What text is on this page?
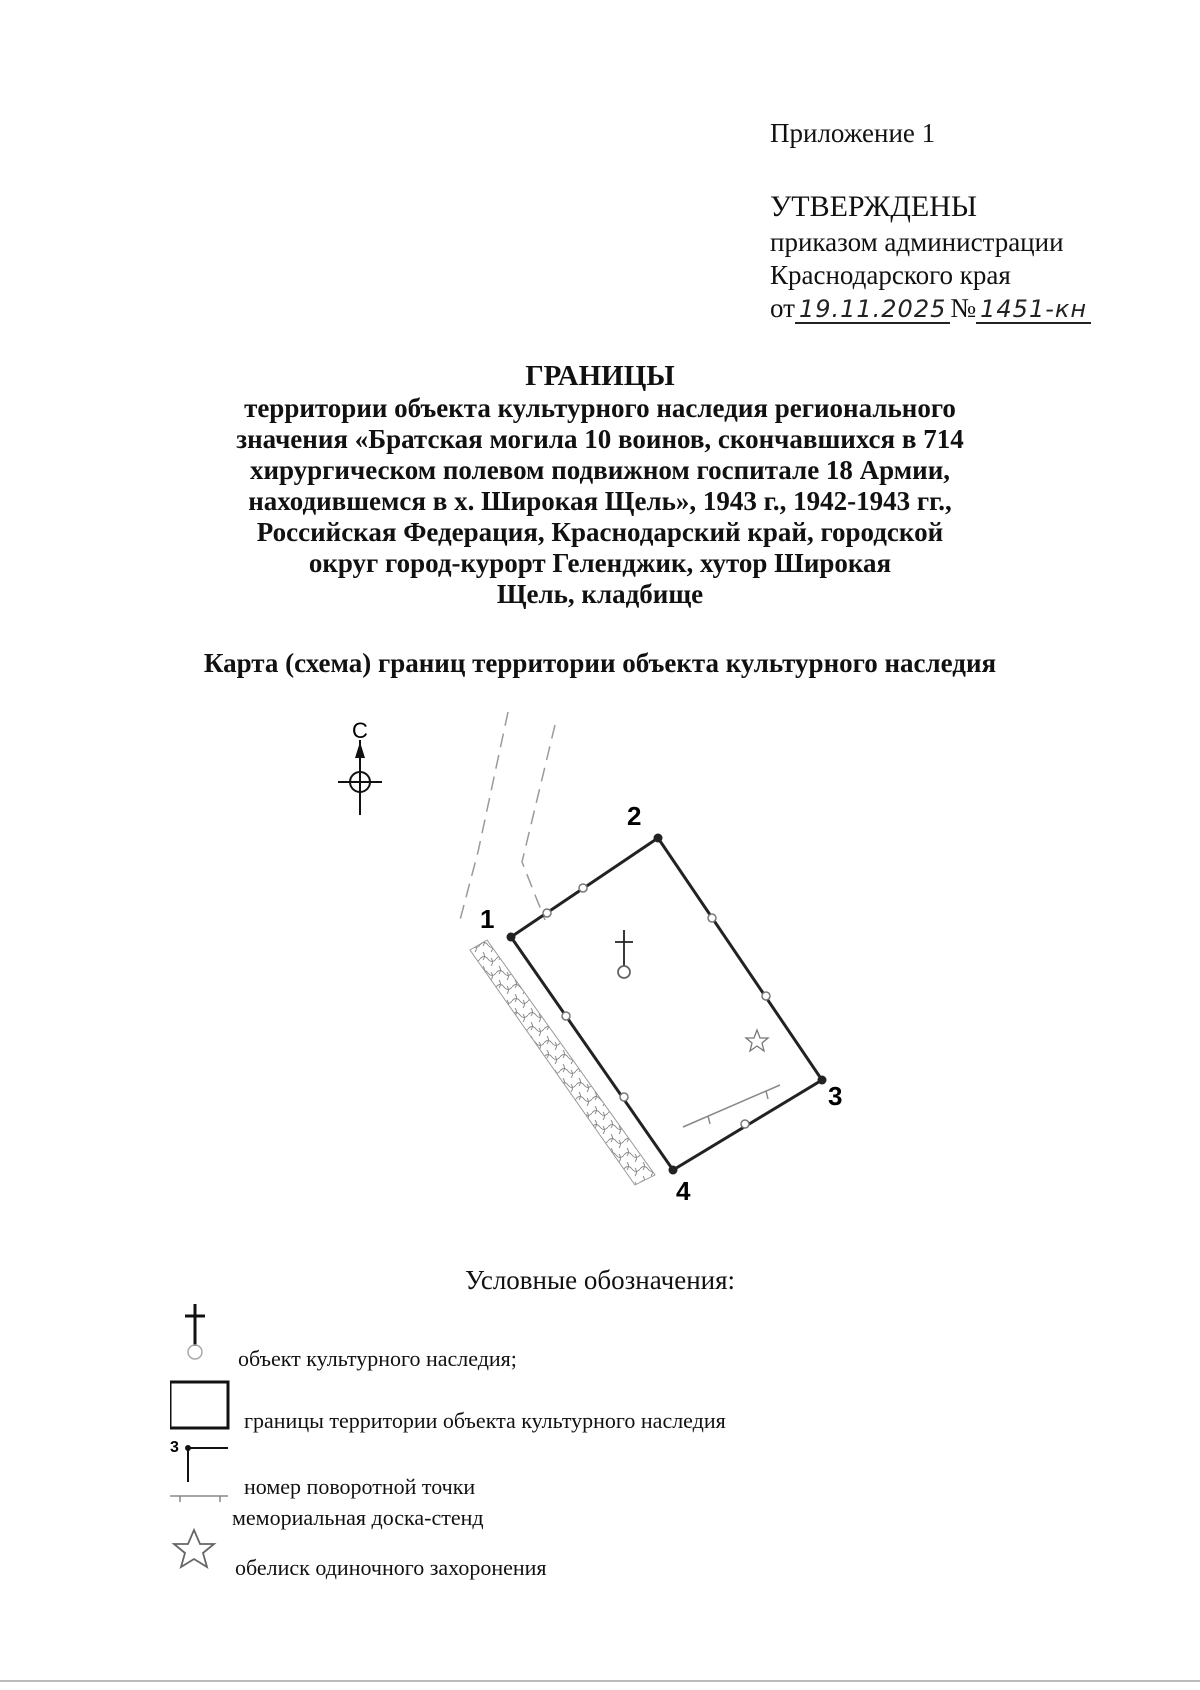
Приложение 1
УТВЕРЖДЕНЫ
приказом администрации
Краснодарского края
от 19.11.2025 № 1451-кн
ГРАНИЦЫ
территории объекта культурного наследия регионального
значения «Братская могила 10 воинов, скончавшихся в 714
хирургическом полевом подвижном госпитале 18 Армии,
находившемся в х. Широкая Щель», 1943 г., 1942-1943 гг.,
Российская Федерация, Краснодарский край, городской
округ город-курорт Геленджик, хутор Широкая
Щель, кладбище
Карта (схема) границ территории объекта культурного наследия
С
1
2
3
4
Условные обозначения:
3
объект культурного наследия;
границы территории объекта культурного наследия
номер поворотной точки
мемориальная доска-стенд
обелиск одиночного захоронения
